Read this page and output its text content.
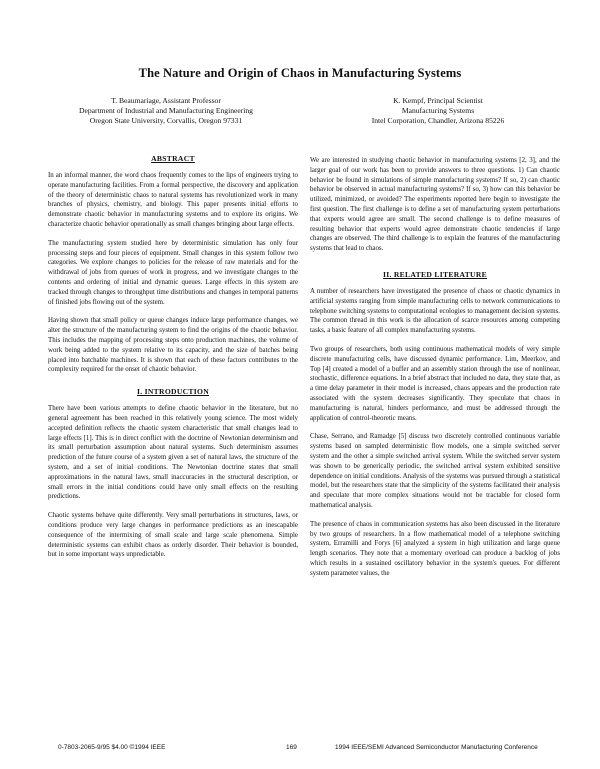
The Nature and Origin of Chaos in Manufacturing Systems
T. Beaumariage, Assistant Professor
Department of Industrial and Manufacturing Engineering
Oregon State University, Corvallis, Oregon 97331
K. Kempf, Principal Scientist
Manufacturing Systems
Intel Corporation, Chandler, Arizona 85226
ABSTRACT

In an informal manner, the word chaos frequently comes to the lips of engineers trying to operate manufacturing facilities. From a formal perspective, the discovery and application of the theory of deterministic chaos to natural systems has revolutionized work in many branches of physics, chemistry, and biology. This paper presents initial efforts to demonstrate chaotic behavior in manufacturing systems and to explore its origins. We characterize chaotic behavior operationally as small changes bringing about large effects.

The manufacturing system studied here by deterministic simulation has only four processing steps and four pieces of equipment. Small changes in this system follow two categories. We explore changes to policies for the release of raw materials and for the withdrawal of jobs from queues of work in progress, and we investigate changes to the contents and ordering of initial and dynamic queues. Large effects in this system are tracked through changes to throughput time distributions and changes in temporal patterns of finished jobs flowing out of the system.

Having shown that small policy or queue changes induce large performance changes, we alter the structure of the manufacturing system to find the origins of the chaotic behavior. This includes the mapping of processing steps onto production machines, the volume of work being added to the system relative to its capacity, and the size of batches being placed into batchable machines. It is shown that each of these factors contributes to the complexity required for the onset of chaotic behavior.

I. INTRODUCTION

There have been various attempts to define chaotic behavior in the literature, but no general agreement has been reached in this relatively young science. The most widely accepted definition reflects the chaotic system characteristic that small changes lead to large effects [1]. This is in direct conflict with the doctrine of Newtonian determinism and its small perturbation assumption about natural systems. Such determinism assumes prediction of the future course of a system given a set of natural laws, the structure of the system, and a set of initial conditions. The Newtonian doctrine states that small approximations in the natural laws, small inaccuracies in the structural description, or small errors in the initial conditions could have only small effects on the resulting predictions.

Chaotic systems behave quite differently. Very small perturbations in structures, laws, or conditions produce very large changes in performance predictions as an inescapable consequence of the intermixing of small scale and large scale phenomena. Simple deterministic systems can exhibit chaos as orderly disorder. Their behavior is bounded, but in some important ways unpredictable.

We are interested in studying chaotic behavior in manufacturing systems [2, 3], and the larger goal of our work has been to provide answers to three questions. 1) Can chaotic behavior be found in simulations of simple manufacturing systems? If so, 2) can chaotic behavior be observed in actual manufacturing systems? If so, 3) how can this behavior be utilized, minimized, or avoided? The experiments reported here begin to investigate the first question. The first challenge is to define a set of manufacturing system perturbations that experts would agree are small. The second challenge is to define measures of resulting behavior that experts would agree demonstrate chaotic tendencies if large changes are observed. The third challenge is to explain the features of the manufacturing systems that lead to chaos.

II. RELATED LITERATURE

A number of researchers have investigated the presence of chaos or chaotic dynamics in artificial systems ranging from simple manufacturing cells to network communications to telephone switching systems to computational ecologies to management decision systems. The common thread in this work is the allocation of scarce resources among competing tasks, a basic feature of all complex manufacturing systems.

Two groups of researchers, both using continuous mathematical models of very simple discrete manufacturing cells, have discussed dynamic performance. Lim, Meerkov, and Top [4] created a model of a buffer and an assembly station through the use of nonlinear, stochastic, difference equations. In a brief abstract that included no data, they state that, as a time delay parameter in their model is increased, chaos appears and the production rate associated with the system decreases significantly. They speculate that chaos in manufacturing is natural, hinders performance, and must be addressed through the application of control-theoretic means.

Chase, Serrano, and Ramadge [5] discuss two discretely controlled continuous variable systems based on sampled deterministic flow models, one a simple switched server system and the other a simple switched arrival system. While the switched server system was shown to be generically periodic, the switched arrival system exhibited sensitive dependence on initial conditions. Analysis of the systems was pursued through a statistical model, but the researchers state that the simplicity of the systems facilitated their analysis and speculate that more complex situations would not be tractable for closed form mathematical analysis.

The presence of chaos in communication systems has also been discussed in the literature by two groups of researchers. In a flow mathematical model of a telephone switching system, Erramilli and Forys [6] analyzed a system in high utilization and large queue length scenarios. They note that a momentary overload can produce a backlog of jobs which results in a sustained oscillatory behavior in the system's queues. For different system parameter values, the

0-7803-2065-9/95 $4.00 ©1994 IEEE	169	1994 IEEE/SEMI Advanced Semiconductor Manufacturing Conference
